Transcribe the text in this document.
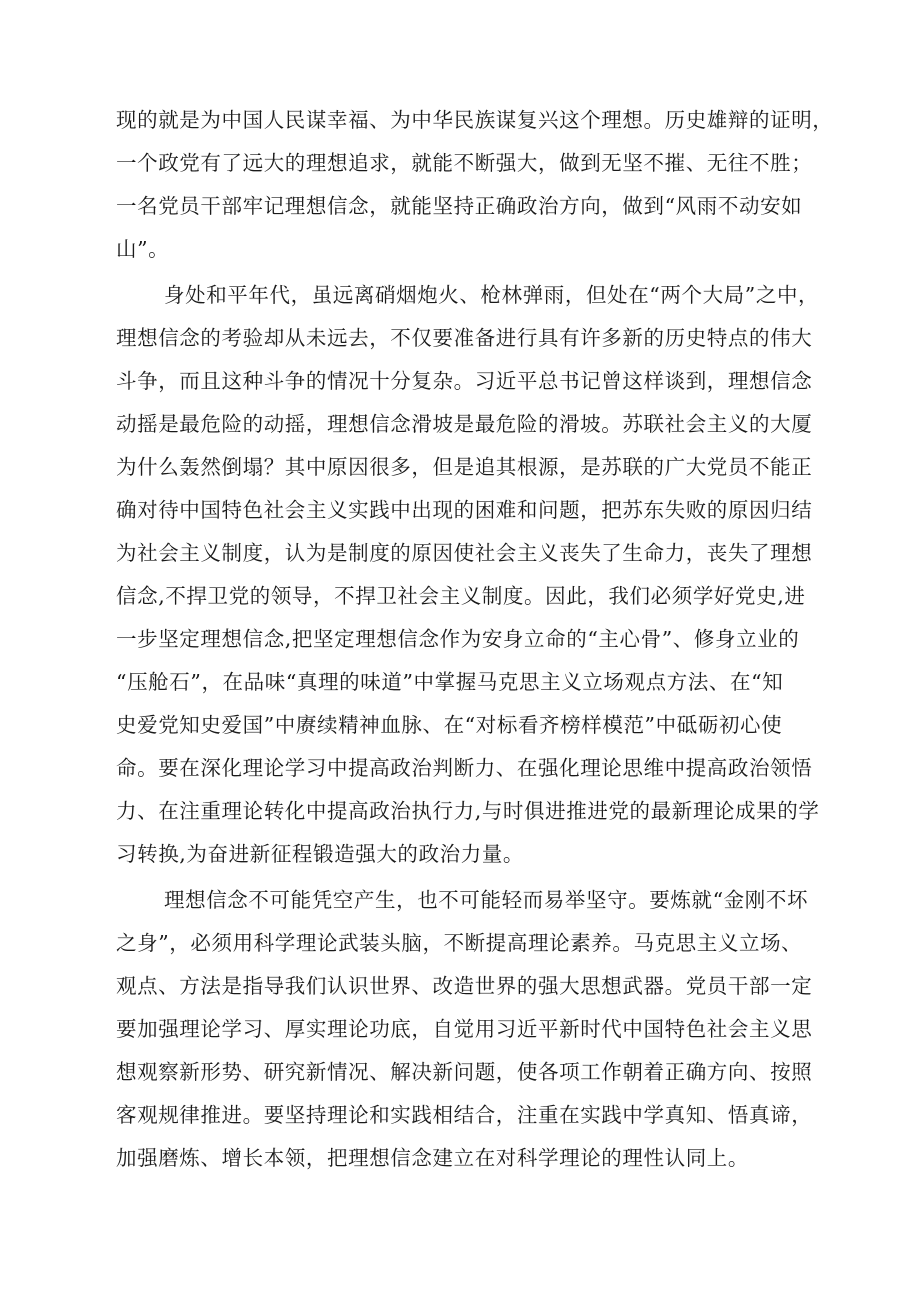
现的就是为中国人民谋幸福、为中华民族谋复兴这个理想。历史雄辩的证明，
一个政党有了远大的理想追求，就能不断强大，做到无坚不摧、无往不胜；
一名党员干部牢记理想信念，就能坚持正确政治方向，做到“风雨不动安如
山”。
身处和平年代，虽远离硝烟炮火、枪林弹雨，但处在“两个大局”之中，
理想信念的考验却从未远去，不仅要准备进行具有许多新的历史特点的伟大
斗争，而且这种斗争的情况十分复杂。习近平总书记曾这样谈到，理想信念
动摇是最危险的动摇，理想信念滑坡是最危险的滑坡。苏联社会主义的大厦
为什么轰然倒塌？其中原因很多，但是追其根源，是苏联的广大党员不能正
确对待中国特色社会主义实践中出现的困难和问题，把苏东失败的原因归结
为社会主义制度，认为是制度的原因使社会主义丧失了生命力，丧失了理想
信念,不捍卫党的领导，不捍卫社会主义制度。因此，我们必须学好党史,进
一步坚定理想信念,把坚定理想信念作为安身立命的“主心骨”、修身立业的
“压舱石”，在品味“真理的味道”中掌握马克思主义立场观点方法、在“知
史爱党知史爱国”中赓续精神血脉、在“对标看齐榜样模范”中砥砺初心使
命。要在深化理论学习中提高政治判断力、在强化理论思维中提高政治领悟
力、在注重理论转化中提高政治执行力,与时俱进推进党的最新理论成果的学
习转换,为奋进新征程锻造强大的政治力量。
理想信念不可能凭空产生，也不可能轻而易举坚守。要炼就“金刚不坏
之身”，必须用科学理论武装头脑，不断提高理论素养。马克思主义立场、
观点、方法是指导我们认识世界、改造世界的强大思想武器。党员干部一定
要加强理论学习、厚实理论功底，自觉用习近平新时代中国特色社会主义思
想观察新形势、研究新情况、解决新问题，使各项工作朝着正确方向、按照
客观规律推进。要坚持理论和实践相结合，注重在实践中学真知、悟真谛，
加强磨炼、增长本领，把理想信念建立在对科学理论的理性认同上。
